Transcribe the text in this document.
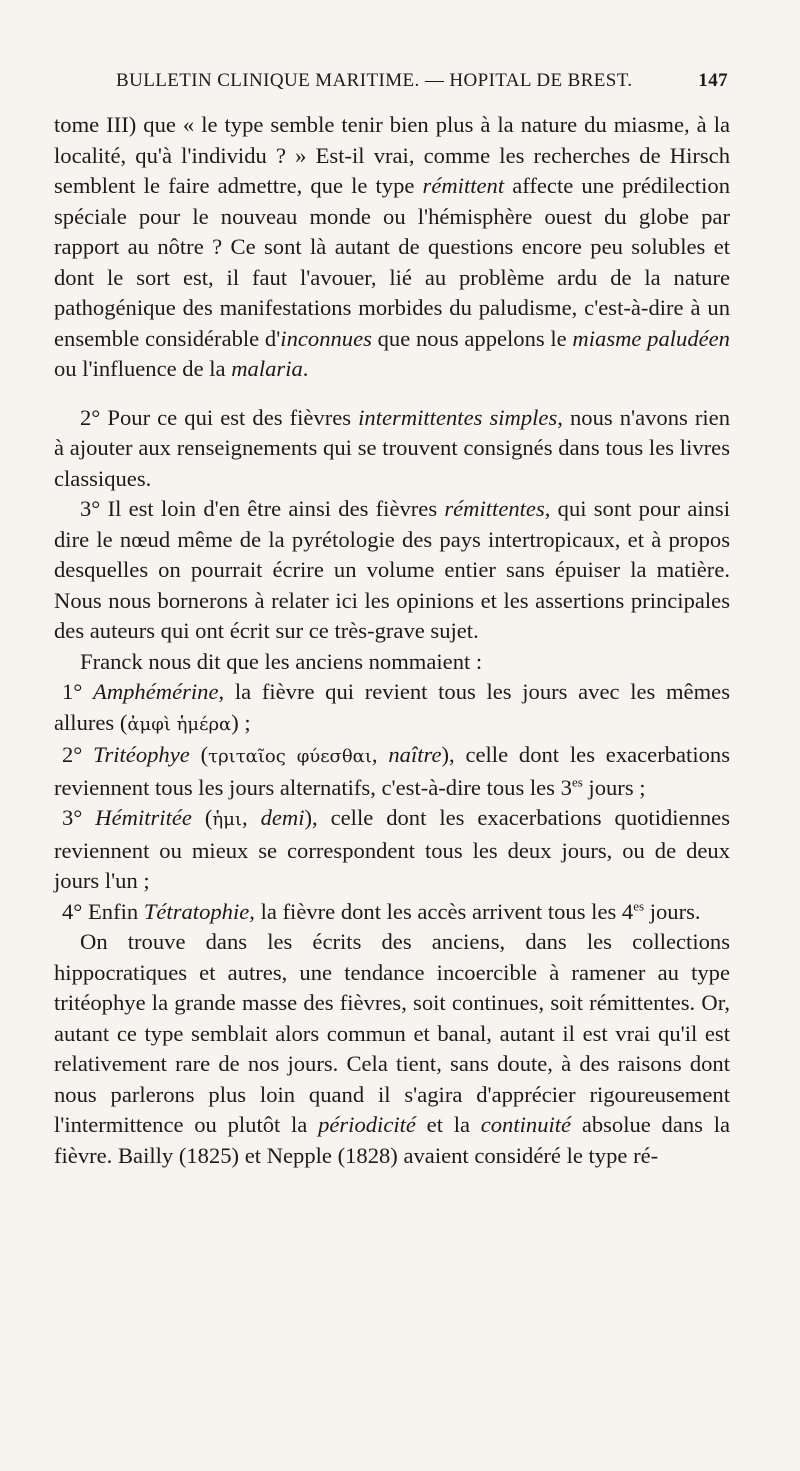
BULLETIN CLINIQUE MARITIME. — HOPITAL DE BREST.	147

tome III) que « le type semble tenir bien plus à la nature du miasme, à la localité, qu'à l'individu ? » Est-il vrai, comme les recherches de Hirsch semblent le faire admettre, que le type rémittent affecte une prédilection spéciale pour le nouveau monde ou l'hémisphère ouest du globe par rapport au nôtre ? Ce sont là autant de questions encore peu solubles et dont le sort est, il faut l'avouer, lié au problème ardu de la nature pathogénique des manifestations morbides du paludisme, c'est-à-dire à un ensemble considérable d'inconnues que nous appelons le miasme paludéen ou l'influence de la malaria.

2° Pour ce qui est des fièvres intermittentes simples, nous n'avons rien à ajouter aux renseignements qui se trouvent consignés dans tous les livres classiques.

3° Il est loin d'en être ainsi des fièvres rémittentes, qui sont pour ainsi dire le nœud même de la pyrétologie des pays intertropicaux, et à propos desquelles on pourrait écrire un volume entier sans épuiser la matière. Nous nous bornerons à relater ici les opinions et les assertions principales des auteurs qui ont écrit sur ce très-grave sujet.

Franck nous dit que les anciens nommaient :

1° Amphémérine, la fièvre qui revient tous les jours avec les mêmes allures (ἀμφὶ ἡμέρα) ;

2° Tritéophye (τριταῖος φύεσθαι, naître), celle dont les exacerbations reviennent tous les jours alternatifs, c'est-à-dire tous les $3^{es}$ jours ;

3° Hémitritée (ἡμι, demi), celle dont les exacerbations quotidiennes reviennent ou mieux se correspondent tous les deux jours, ou de deux jours l'un ;

4° Enfin Tétratophie, la fièvre dont les accès arrivent tous les $4^{es}$ jours.

On trouve dans les écrits des anciens, dans les collections hippocratiques et autres, une tendance incoercible à ramener au type tritéophye la grande masse des fièvres, soit continues, soit rémittentes. Or, autant ce type semblait alors commun et banal, autant il est vrai qu'il est relativement rare de nos jours. Cela tient, sans doute, à des raisons dont nous parlerons plus loin quand il s'agira d'apprécier rigoureusement l'intermittence ou plutôt la périodicité et la continuité absolue dans la fièvre. Bailly (1825) et Nepple (1828) avaient considéré le type ré-
